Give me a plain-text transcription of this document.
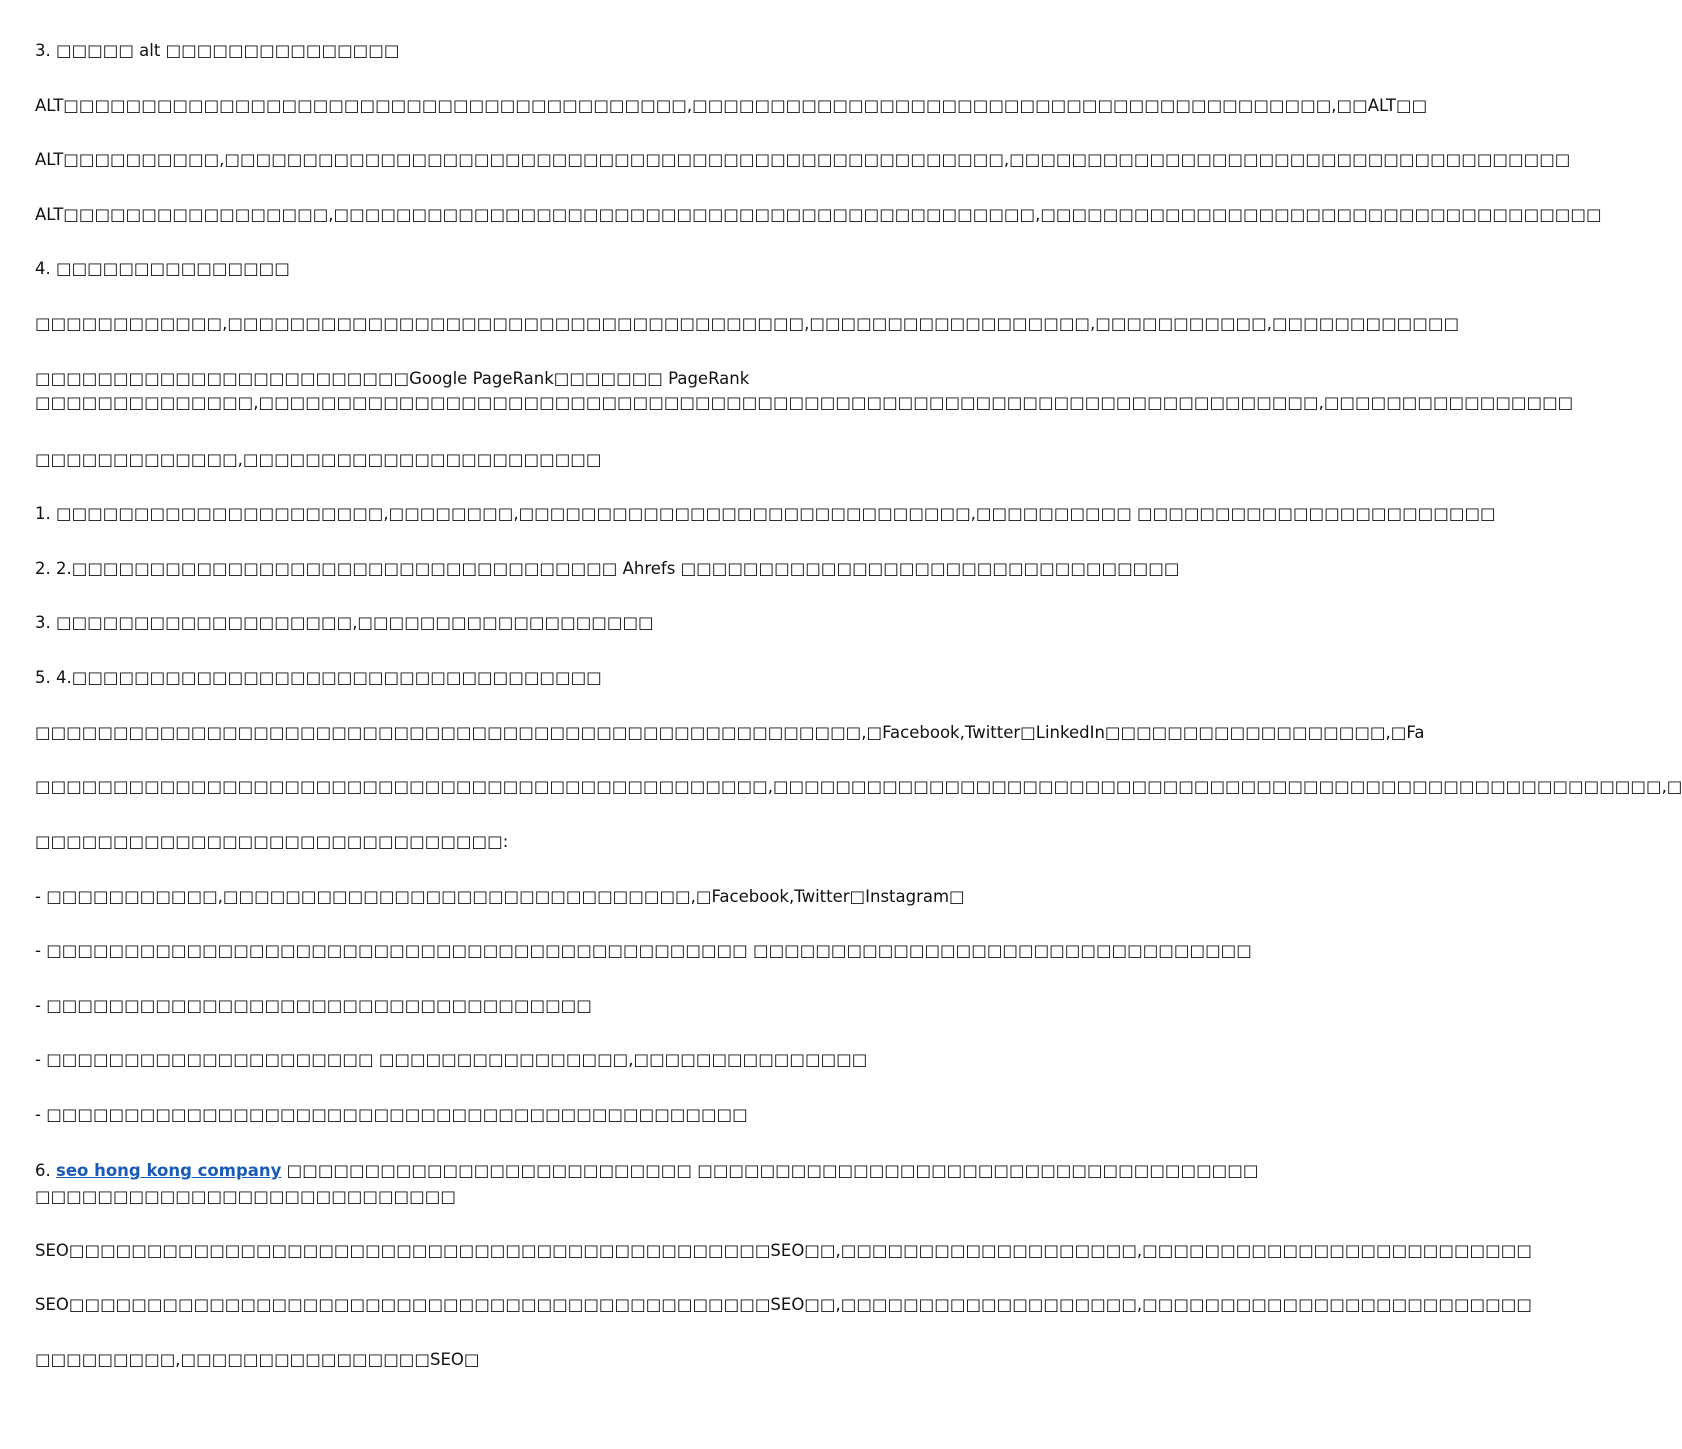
3. □□□□□ alt □□□□□□□□□□□□□□□
ALT□□□□□□□□□□□□□□□□□□□□□□□□□□□□□□□□□□□□□□□□,□□□□□□□□□□□□□□□□□□□□□□□□□□□□□□□□□□□□□□□□□,□□ALT□□
ALT□□□□□□□□□□,□□□□□□□□□□□□□□□□□□□□□□□□□□□□□□□□□□□□□□□□□□□□□□□□□□,□□□□□□□□□□□□□□□□□□□□□□□□□□□□□□□□□□□□
ALT□□□□□□□□□□□□□□□□□,□□□□□□□□□□□□□□□□□□□□□□□□□□□□□□□□□□□□□□□□□□□□□,□□□□□□□□□□□□□□□□□□□□□□□□□□□□□□□□□□□□
4. □□□□□□□□□□□□□□□
□□□□□□□□□□□□,□□□□□□□□□□□□□□□□□□□□□□□□□□□□□□□□□□□□□,□□□□□□□□□□□□□□□□□□,□□□□□□□□□□□,□□□□□□□□□□□□
□□□□□□□□□□□□□□□□□□□□□□□□Google PageRank□□□□□□□ PageRank
□□□□□□□□□□□□□□,□□□□□□□□□□□□□□□□□□□□□□□□□□□□□□□□□□□□□□□□□□□□□□□□□□□□□□□□□□□□□□□□□□□□,□□□□□□□□□□□□□□□□
□□□□□□□□□□□□□,□□□□□□□□□□□□□□□□□□□□□□□
1. □□□□□□□□□□□□□□□□□□□□□,□□□□□□□□,□□□□□□□□□□□□□□□□□□□□□□□□□□□□□,□□□□□□□□□□ □□□□□□□□□□□□□□□□□□□□□□□
2. 2.□□□□□□□□□□□□□□□□□□□□□□□□□□□□□□□□□□□ Ahrefs □□□□□□□□□□□□□□□□□□□□□□□□□□□□□□□□
3. □□□□□□□□□□□□□□□□□□□,□□□□□□□□□□□□□□□□□□□
5. 4.□□□□□□□□□□□□□□□□□□□□□□□□□□□□□□□□□□
□□□□□□□□□□□□□□□□□□□□□□□□□□□□□□□□□□□□□□□□□□□□□□□□□□□□□,□Facebook,Twitter□LinkedIn□□□□□□□□□□□□□□□□□□,□Fa
□□□□□□□□□□□□□□□□□□□□□□□□□□□□□□□□□□□□□□□□□□□□□□□,□□□□□□□□□□□□□□□□□□□□□□□□□□□□□□□□□□□□□□□□□□□□□□□□□□□□□□□□□,□
□□□□□□□□□□□□□□□□□□□□□□□□□□□□□□:
- □□□□□□□□□□□,□□□□□□□□□□□□□□□□□□□□□□□□□□□□□□,□Facebook,Twitter□Instagram□
- □□□□□□□□□□□□□□□□□□□□□□□□□□□□□□□□□□□□□□□□□□□□□ □□□□□□□□□□□□□□□□□□□□□□□□□□□□□□□□
- □□□□□□□□□□□□□□□□□□□□□□□□□□□□□□□□□□□
- □□□□□□□□□□□□□□□□□□□□□ □□□□□□□□□□□□□□□□,□□□□□□□□□□□□□□□
- □□□□□□□□□□□□□□□□□□□□□□□□□□□□□□□□□□□□□□□□□□□□□
6. seo hong kong company □□□□□□□□□□□□□□□□□□□□□□□□□□ □□□□□□□□□□□□□□□□□□□□□□□□□□□□□□□□□□□□
□□□□□□□□□□□□□□□□□□□□□□□□□□□
SEO□□□□□□□□□□□□□□□□□□□□□□□□□□□□□□□□□□□□□□□□□□□□□SEO□□,□□□□□□□□□□□□□□□□□□□,□□□□□□□□□□□□□□□□□□□□□□□□□
SEO□□□□□□□□□□□□□□□□□□□□□□□□□□□□□□□□□□□□□□□□□□□□□SEO□□,□□□□□□□□□□□□□□□□□□□,□□□□□□□□□□□□□□□□□□□□□□□□□
□□□□□□□□□,□□□□□□□□□□□□□□□□SEO□
